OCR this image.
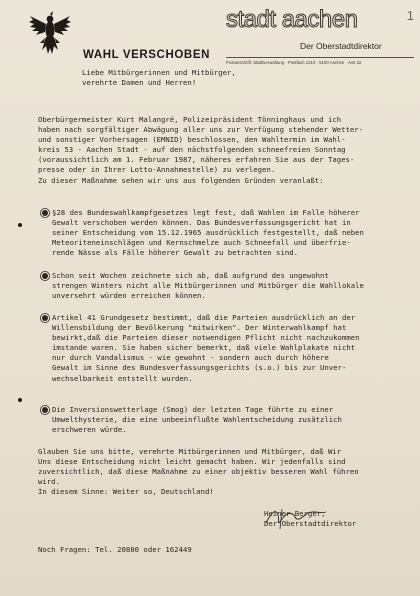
WAHL VERSCHOBEN
stadt aachen	1
Der Oberstadtdirektor
Postanschrift: Stadtverwaltung · Postfach 1210 · 5100 Aachen · Amt 32
Liebe Mitbürgerinnen und Mitbürger,
verehrte Damen und Herren!
Oberbürgermeister Kurt Malangré, Polizeipräsident Tönninghaus und ich
haben nach sorgfältiger Abwägung aller uns zur Verfügung stehender Wetter-
und sonstiger Vorhersagen (EMNID) beschlossen, den Wahltermin im Wahl-
kreis 53 - Aachen Stadt - auf den nächstfolgenden schneefreien Sonntag
(voraussichtlich am 1. Februar 1987, näheres erfahren Sie aus der Tages-
presse oder in Ihrer Lotto-Annahmestelle) zu verlegen.
Zu dieser Maßnahme sehen wir uns aus folgenden Gründen veranlaßt:
§28 des Bundeswahlkampfgesetzes legt fest, daß Wahlen im Falle höherer
Gewalt verschoben werden können. Das Bundesverfassungsgericht hat in
seiner Entscheidung vom 15.12.1965 ausdrücklich festgestellt, daß neben
Meteoriteneinschlägen und Kernschmelze auch Schneefall und überfrie-
rende Nässe als Fälle höherer Gewalt zu betrachten sind.
Schon seit Wochen zeichnete sich ab, daß aufgrund des ungewohnt
strengen Winters nicht alle Mitbürgerinnen und Mitbürger die Wahllokale
unversehrt würden erreichen können.
Artikel 41 Grundgesetz bestimmt, daß die Parteien ausdrücklich an der
Willensbildung der Bevölkerung "mitwirken". Der Winterwahlkampf hat
bewirkt,daß die Parteien dieser notwendigen Pflicht nicht nachzukommen
imstande waren. Sie haben sicher bemerkt, daß viele Wahlplakate nicht
nur durch Vandalismus - wie gewohnt - sondern auch durch höhere
Gewalt im Sinne des Bundesverfassungsgerichts (s.o.) bis zur Unver-
wechselbarkeit entstellt wurden.
Die Inversionswetterlage (Smog) der letzten Tage führte zu einer
Umwelthysterie, die eine unbeeinflußte Wahlentscheidung zusätzlich
erschweren würde.
Glauben Sie uns bitte, verehrte Mitbürgerinnen und Mitbürger, daß Wir
Uns diese Entscheidung nicht leicht gemacht haben. Wir jedenfalls sind
zuversichtlich, daß diese Maßnahme zu einer objektiv besseren Wahl führen
wird.
In diesem Sinne: Weiter so, Deutschland!
Heiner Berger,
Der Oberstadtdirektor
Noch Fragen: Tel. 20880 oder 162449
